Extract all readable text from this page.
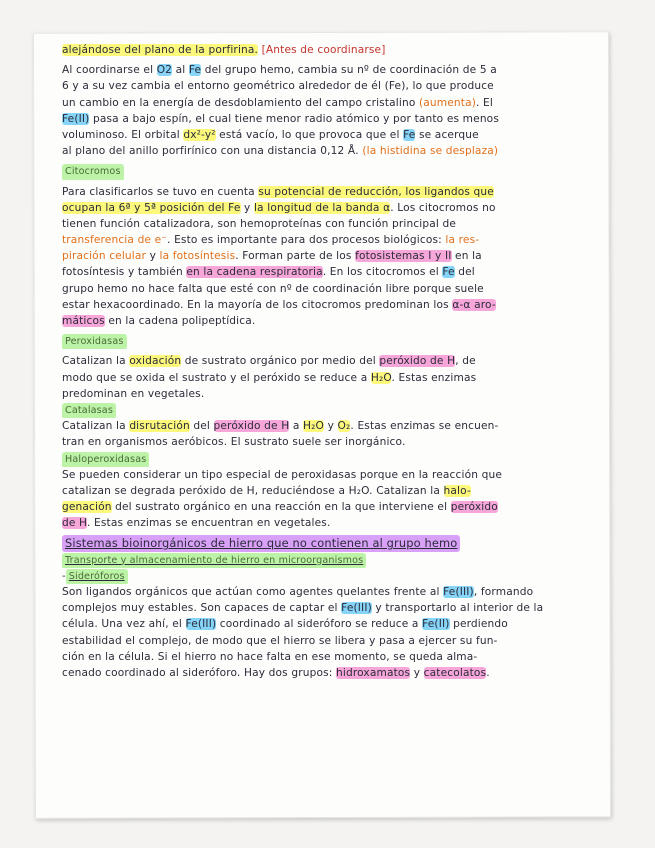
alejándose del plano de la porfirina. [Antes de coordinarse]
Al coordinarse el O2 al Fe del grupo hemo, cambia su nº de coordinación de 5 a
6 y a su vez cambia el entorno geométrico alrededor de él (Fe), lo que produce
un cambio en la energía de desdoblamiento del campo cristalino (aumenta). El
Fe(II) pasa a bajo espín, el cual tiene menor radio atómico y por tanto es menos
voluminoso. El orbital dx²-y² está vacío, lo que provoca que el Fe se acerque
al plano del anillo porfirínico con una distancia 0,12 Å. (la histidina se desplaza)
Citocromos
Para clasificarlos se tuvo en cuenta su potencial de reducción, los ligandos que
ocupan la 6ª y 5ª posición del Fe y la longitud de la banda α. Los citocromos no
tienen función catalizadora, son hemoproteínas con función principal de
transferencia de e⁻. Esto es importante para dos procesos biológicos: la res-
piración celular y la fotosíntesis. Forman parte de los fotosistemas I y II en la
fotosíntesis y también en la cadena respiratoria. En los citocromos el Fe del
grupo hemo no hace falta que esté con nº de coordinación libre porque suele
estar hexacoordinado. En la mayoría de los citocromos predominan los α-α aro-
máticos en la cadena polipeptídica.
Peroxidasas
Catalizan la oxidación de sustrato orgánico por medio del peróxido de H, de
modo que se oxida el sustrato y el peróxido se reduce a H₂O. Estas enzimas
predominan en vegetales.
Catalasas
Catalizan la disrutación del peróxido de H a H₂O y O₂. Estas enzimas se encuen-
tran en organismos aeróbicos. El sustrato suele ser inorgánico.
Haloperoxidasas
Se pueden considerar un tipo especial de peroxidasas porque en la reacción que
catalizan se degrada peróxido de H, reduciéndose a H₂O. Catalizan la halo-
genación del sustrato orgánico en una reacción en la que interviene el peróxido
de H. Estas enzimas se encuentran en vegetales.
Sistemas bioinorgánicos de hierro que no contienen al grupo hemo
Transporte y almacenamiento de hierro en microorganismos
- Sideróforos
Son ligandos orgánicos que actúan como agentes quelantes frente al Fe(III), formando
complejos muy estables. Son capaces de captar el Fe(III) y transportarlo al interior de la
célula. Una vez ahí, el Fe(III) coordinado al sideróforo se reduce a Fe(II) perdiendo
estabilidad el complejo, de modo que el hierro se libera y pasa a ejercer su fun-
ción en la célula. Si el hierro no hace falta en ese momento, se queda alma-
cenado coordinado al sideróforo. Hay dos grupos: hidroxamatos y catecolatos.
